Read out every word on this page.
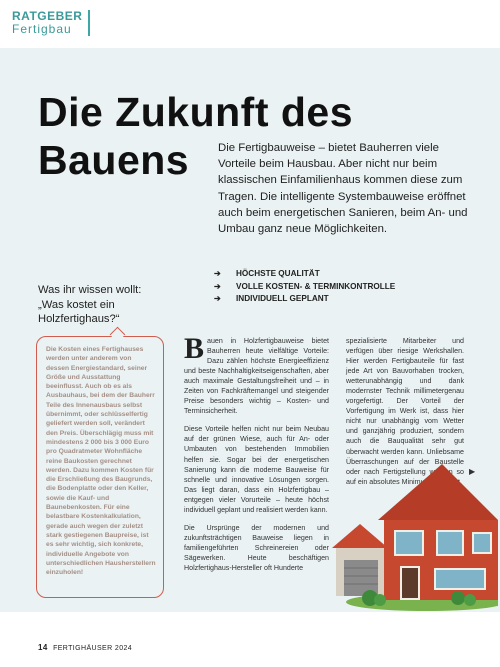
RATGEBER
Fertigbau
Die Zukunft des
Bauens	Die Fertigbauweise – bietet Bauherren viele Vorteile beim Hausbau. Aber nicht nur beim klassischen Einfamilienhaus kommen diese zum Tragen. Die intelligente Systembauweise eröffnet auch beim energetischen Sanieren, beim An- und Umbau ganz neue Möglichkeiten.

➔ HÖCHSTE QUALITÄT
➔ VOLLE KOSTEN- & TERMINKONTROLLE
➔ INDIVIDUELL GEPLANT

Was ihr wissen wollt:
„Was kostet ein Holzfertighaus?“

Die Kosten eines Fertighauses werden unter anderem von dessen Energiestandard, seiner Größe und Ausstattung beeinflusst. Auch ob es als Ausbauhaus, bei dem der Bauherr Teile des Innenausbaus selbst übernimmt, oder schlüsselfertig geliefert werden soll, verändert den Preis. Überschlägig muss mit mindestens 2 000 bis 3 000 Euro pro Quadratmeter Wohnfläche reine Baukosten gerechnet werden. Dazu kommen Kosten für die Erschließung des Baugrunds, die Bodenplatte oder den Keller, sowie die Kauf- und Baunebenkosten. Für eine belastbare Kostenkalkulation, gerade auch wegen der zuletzt stark gestiegenen Baupreise, ist es sehr wichtig, sich konkrete, individuelle Angebote von unterschiedlichen Hausherstellern einzuholen!

Bauen in Holzfertigbauweise bietet Bauherren heute vielfältige Vorteile: Dazu zählen höchste Energieeffizienz und beste Nachhaltigkeitseigenschaften, aber auch maximale Gestaltungsfreiheit und – in Zeiten von Fachkräftemangel und steigender Preise besonders wichtig – Kosten- und Terminsicherheit.

Diese Vorteile helfen nicht nur beim Neubau auf der grünen Wiese, auch für An- oder Umbauten von bestehenden Immobilien helfen sie. Sogar bei der energetischen Sanierung kann die moderne Bauweise für schnelle und innovative Lösungen sorgen. Das liegt daran, dass ein Holzfertigbau – entgegen vieler Vorurteile – heute höchst individuell geplant und realisiert werden kann.

Die Ursprünge der modernen und zukunftsträchtigen Bauweise liegen in familiengeführten Schreinereien oder Sägewerken. Heute beschäftigen Holzfertighaus-Hersteller oft Hunderte

spezialisierte Mitarbeiter und verfügen über riesige Werkshallen. Hier werden Fertigbauteile für fast jede Art von Bauvorhaben trocken, wetterunabhängig und dank modernster Technik millimetergenau vorgefertigt. Der Vorteil der Vorfertigung im Werk ist, dass hier nicht nur unabhängig vom Wetter und ganzjährig produziert, sondern auch die Bauqualität sehr gut überwacht werden kann. Unliebsame Überraschungen auf der Baustelle oder nach Fertigstellung werden so auf ein absolutes Minimum reduziert,

▶
14 FERTIGHÄUSER 2024
